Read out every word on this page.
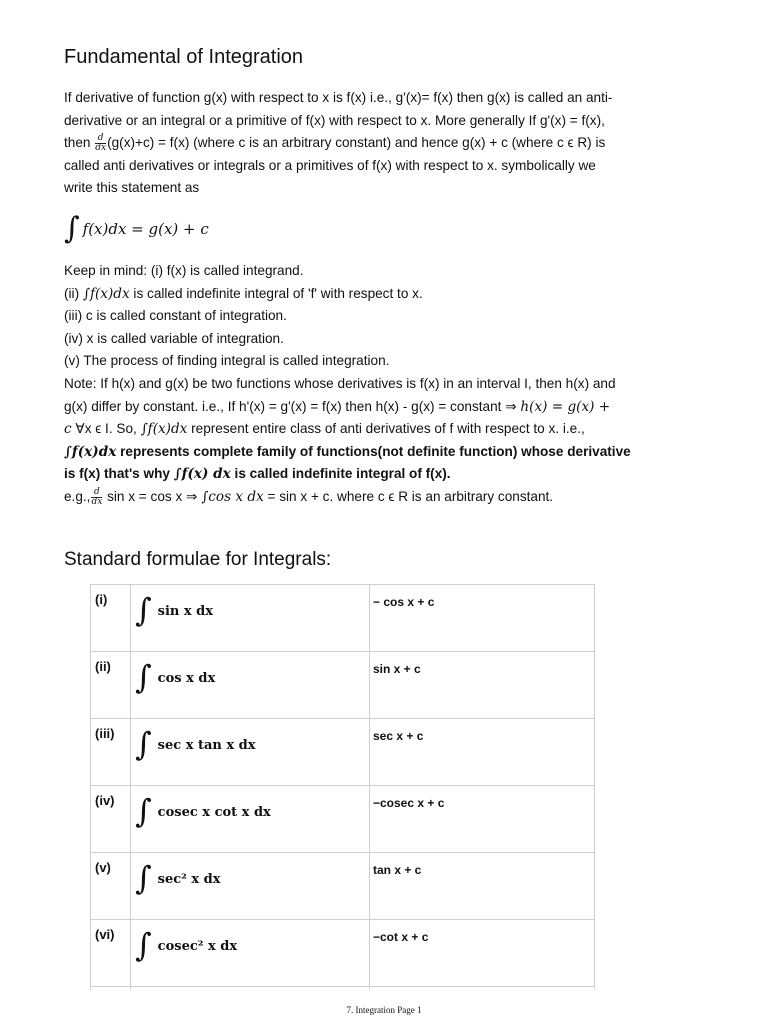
Fundamental of Integration

If derivative of function g(x) with respect to x is f(x) i.e., g'(x)= f(x) then g(x) is called an anti-

derivative or an integral or a primitive of f(x) with respect to x. More generally If g'(x) = f(x),

then $\frac{d}{dx} (g(x)+c) = f(x)$ (where c is an arbitrary constant) and hence g(x) + c (where c ϵ R) is

called anti derivatives or integrals or a primitives of f(x) with respect to x. symbolically we

write this statement as

∫ f(x)dx = g(x) + c

Keep in mind: (i) f(x) is called integrand.

(ii) ∫f(x)dx is called indefinite integral of 'f' with respect to x.

(iii) c is called constant of integration.

(iv) x is called variable of integration.

(v) The process of finding integral is called integration.

Note: If h(x) and g(x) be two functions whose derivatives is f(x) in an interval I, then h(x) and

g(x) differ by constant. i.e., If h'(x) = g'(x) = f(x) then h(x) - g(x) = constant ⇒ h(x) = g(x) +

c ∀x ϵ I. So, ∫f(x)dx represent entire class of anti derivatives of f with respect to x. i.e.,

∫f(x)dx represents complete family of functions(not definite function) whose derivative

is f(x) that's why ∫f(x) dx is called indefinite integral of f(x).

e.g., $\frac{d}{dx}$ sin x = cos x ⇒ ∫cos x dx = sin x + c. where c ϵ R is an arbitrary constant.

Standard formulae for Integrals:
(i)	∫ sin x dx	− cos x + c
(ii)	∫ cos x dx	sin x + c
(iii)	∫ sec x tan x dx	sec x + c
(iv)	∫ cosec x cot x dx	−cosec x + c
(v)	∫ sec² x dx	tan x + c
(vi)	∫ cosec² x dx	−cot x + c

7. Integration Page 1
